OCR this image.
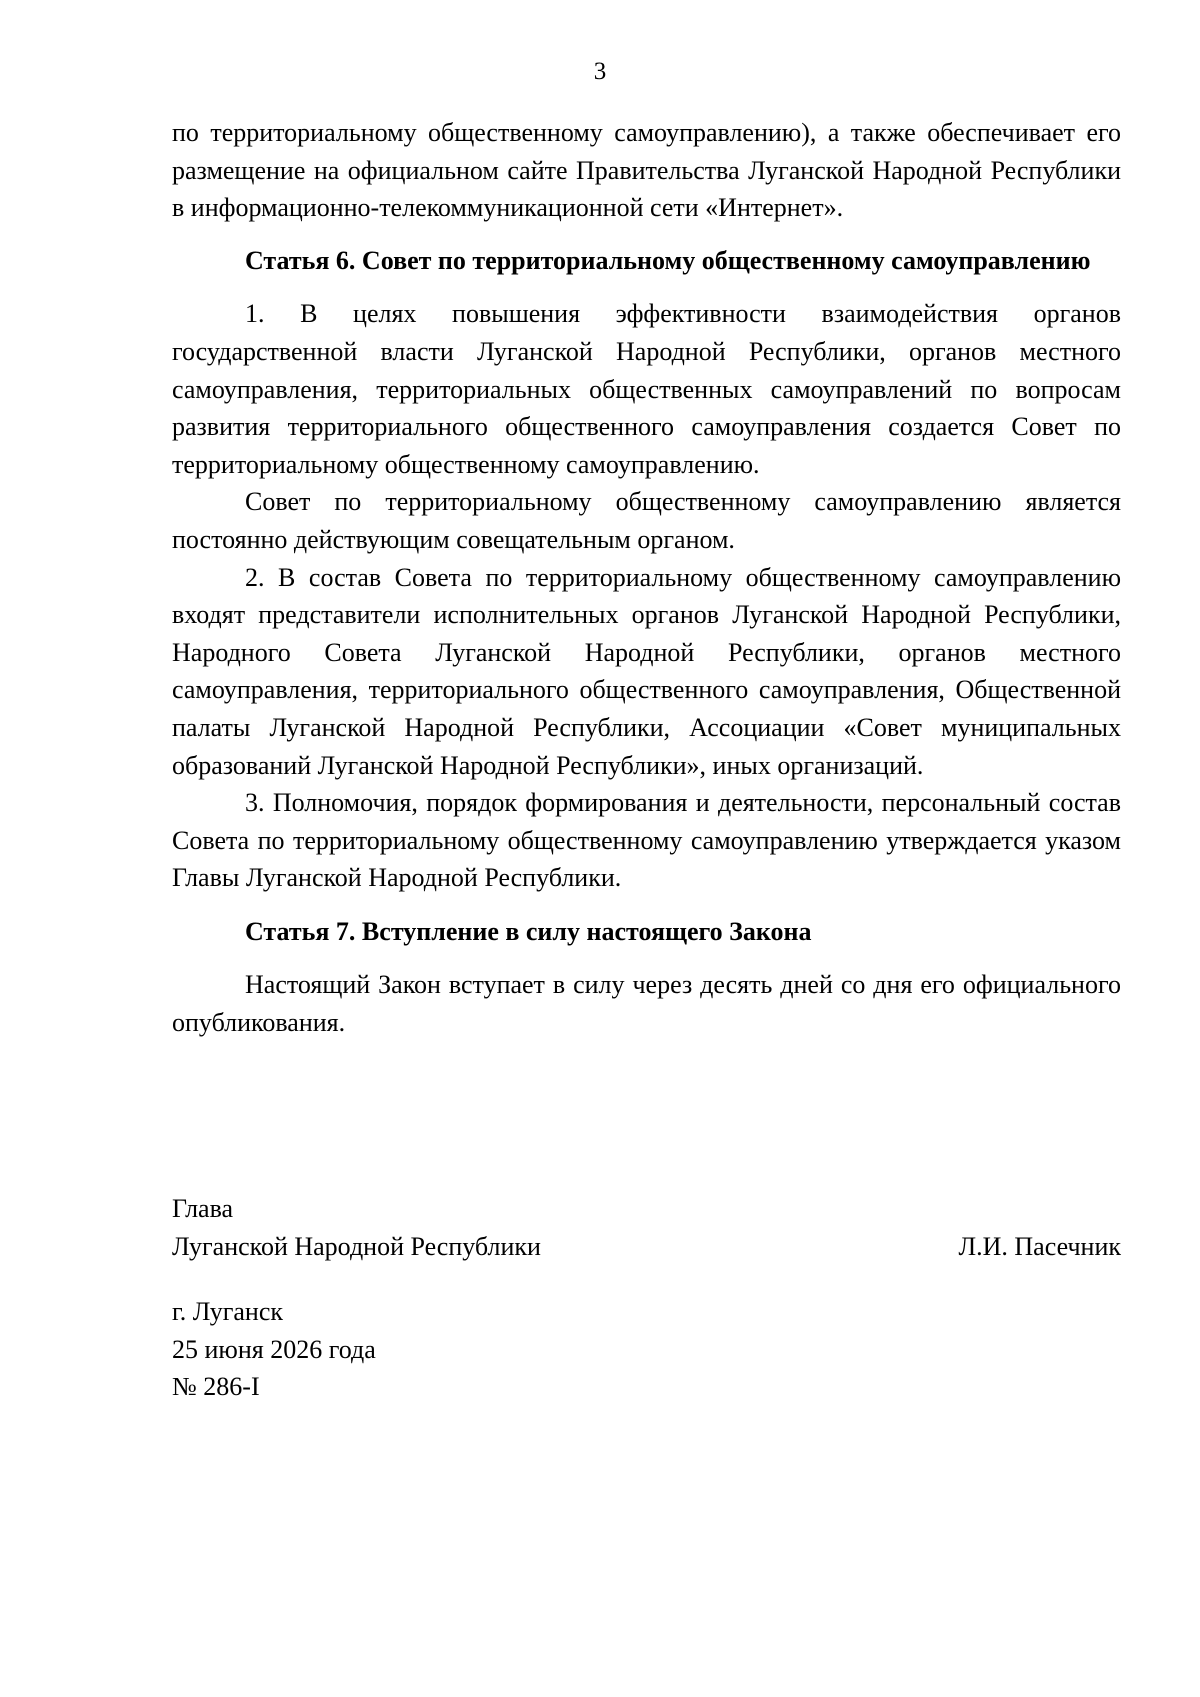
3

по территориальному общественному самоуправлению), а также обеспечивает его размещение на официальном сайте Правительства Луганской Народной Республики в информационно-телекоммуникационной сети «Интернет».

Статья 6. Совет по территориальному общественному самоуправлению

1. В целях повышения эффективности взаимодействия органов государственной власти Луганской Народной Республики, органов местного самоуправления, территориальных общественных самоуправлений по вопросам развития территориального общественного самоуправления создается Совет по территориальному общественному самоуправлению.

Совет по территориальному общественному самоуправлению является постоянно действующим совещательным органом.

2. В состав Совета по территориальному общественному самоуправлению входят представители исполнительных органов Луганской Народной Республики, Народного Совета Луганской Народной Республики, органов местного самоуправления, территориального общественного самоуправления, Общественной палаты Луганской Народной Республики, Ассоциации «Совет муниципальных образований Луганской Народной Республики», иных организаций.

3. Полномочия, порядок формирования и деятельности, персональный состав Совета по территориальному общественному самоуправлению утверждается указом Главы Луганской Народной Республики.

Статья 7. Вступление в силу настоящего Закона

Настоящий Закон вступает в силу через десять дней со дня его официального опубликования.

Глава
Луганской Народной Республики	Л.И. Пасечник
г. Луганск
25 июня 2026 года
№ 286-I
